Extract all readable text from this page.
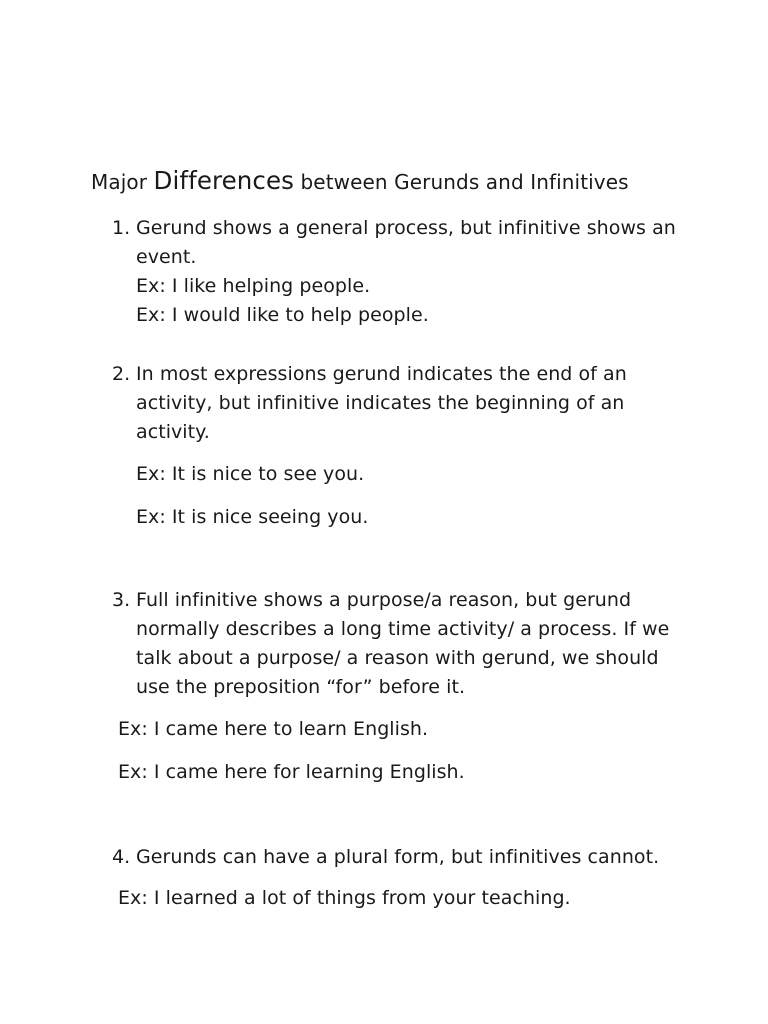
Major Differences between Gerunds and Infinitives
1. Gerund shows a general process, but infinitive shows an
event.
Ex: I like helping people.
Ex: I would like to help people.
2. In most expressions gerund indicates the end of an
activity, but infinitive indicates the beginning of an
activity.
Ex: It is nice to see you.
Ex: It is nice seeing you.
3. Full infinitive shows a purpose/a reason, but gerund
normally describes a long time activity/ a process. If we
talk about a purpose/ a reason with gerund, we should
use the preposition “for” before it.
Ex: I came here to learn English.
Ex: I came here for learning English.
4. Gerunds can have a plural form, but infinitives cannot.
Ex: I learned a lot of things from your teaching.
